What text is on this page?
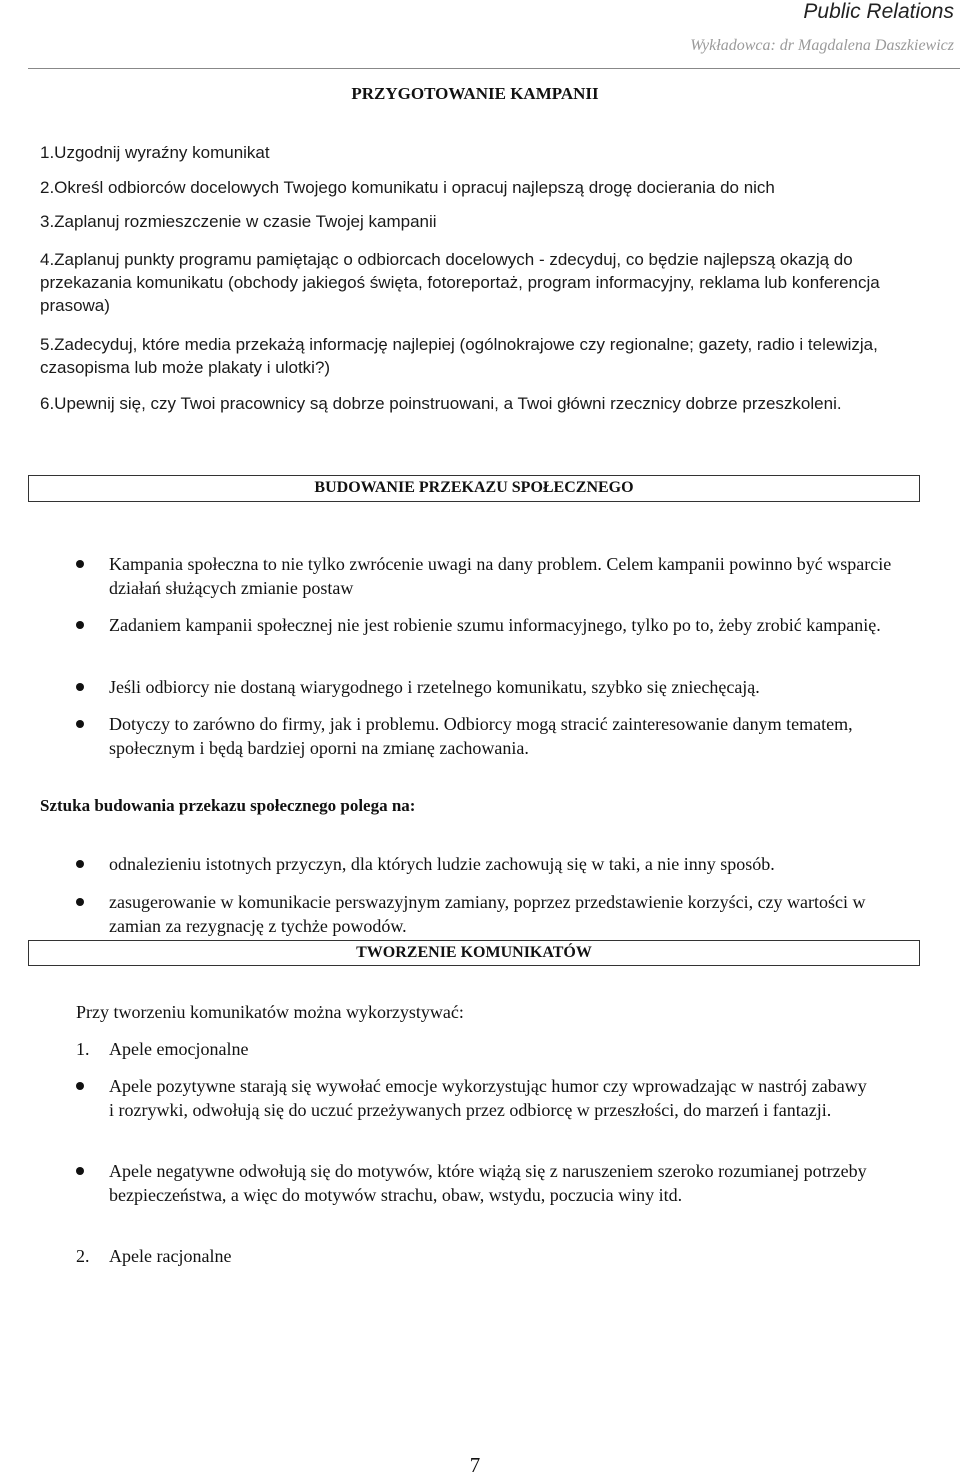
Public Relations
Wykładowca: dr Magdalena Daszkiewicz
PRZYGOTOWANIE KAMPANII
1.Uzgodnij wyraźny komunikat
2.Określ odbiorców docelowych Twojego komunikatu i opracuj najlepszą drogę docierania do nich
3.Zaplanuj rozmieszczenie w czasie Twojej kampanii
4.Zaplanuj punkty programu pamiętając o odbiorcach docelowych - zdecyduj, co będzie najlepszą okazją do przekazania komunikatu (obchody jakiegoś święta, fotoreportaż, program informacyjny, reklama lub konferencja prasowa)
5.Zadecyduj, które media przekażą informację najlepiej (ogólnokrajowe czy regionalne; gazety, radio i telewizja, czasopisma lub może plakaty i ulotki?)
6.Upewnij się, czy Twoi pracownicy są dobrze poinstruowani, a Twoi główni rzecznicy dobrze przeszkoleni.
BUDOWANIE PRZEKAZU SPOŁECZNEGO
Kampania społeczna to nie tylko zwrócenie uwagi na dany problem. Celem kampanii powinno być wsparcie działań służących zmianie postaw
Zadaniem kampanii społecznej nie jest robienie szumu informacyjnego, tylko po to, żeby zrobić kampanię.
Jeśli odbiorcy nie dostaną wiarygodnego i rzetelnego komunikatu, szybko się zniechęcają.
Dotyczy to zarówno do firmy, jak i problemu. Odbiorcy mogą stracić zainteresowanie danym tematem, społecznym i będą bardziej oporni na zmianę zachowania.
Sztuka budowania przekazu społecznego polega na:
odnalezieniu istotnych przyczyn, dla których ludzie zachowują się w taki, a nie inny sposób.
zasugerowanie w komunikacie perswazyjnym zamiany, poprzez przedstawienie korzyści, czy wartości w zamian za rezygnację z tychże powodów.
TWORZENIE KOMUNIKATÓW
Przy tworzeniu komunikatów można wykorzystywać:
1. Apele emocjonalne
Apele pozytywne starają się wywołać emocje wykorzystując humor czy wprowadzając w nastrój zabawy i rozrywki, odwołują się do uczuć przeżywanych przez odbiorcę w przeszłości, do marzeń i fantazji.
Apele negatywne odwołują się do motywów, które wiążą się z naruszeniem szeroko rozumianej potrzeby bezpieczeństwa, a więc do motywów strachu, obaw, wstydu, poczucia winy itd.
2. Apele racjonalne
7
